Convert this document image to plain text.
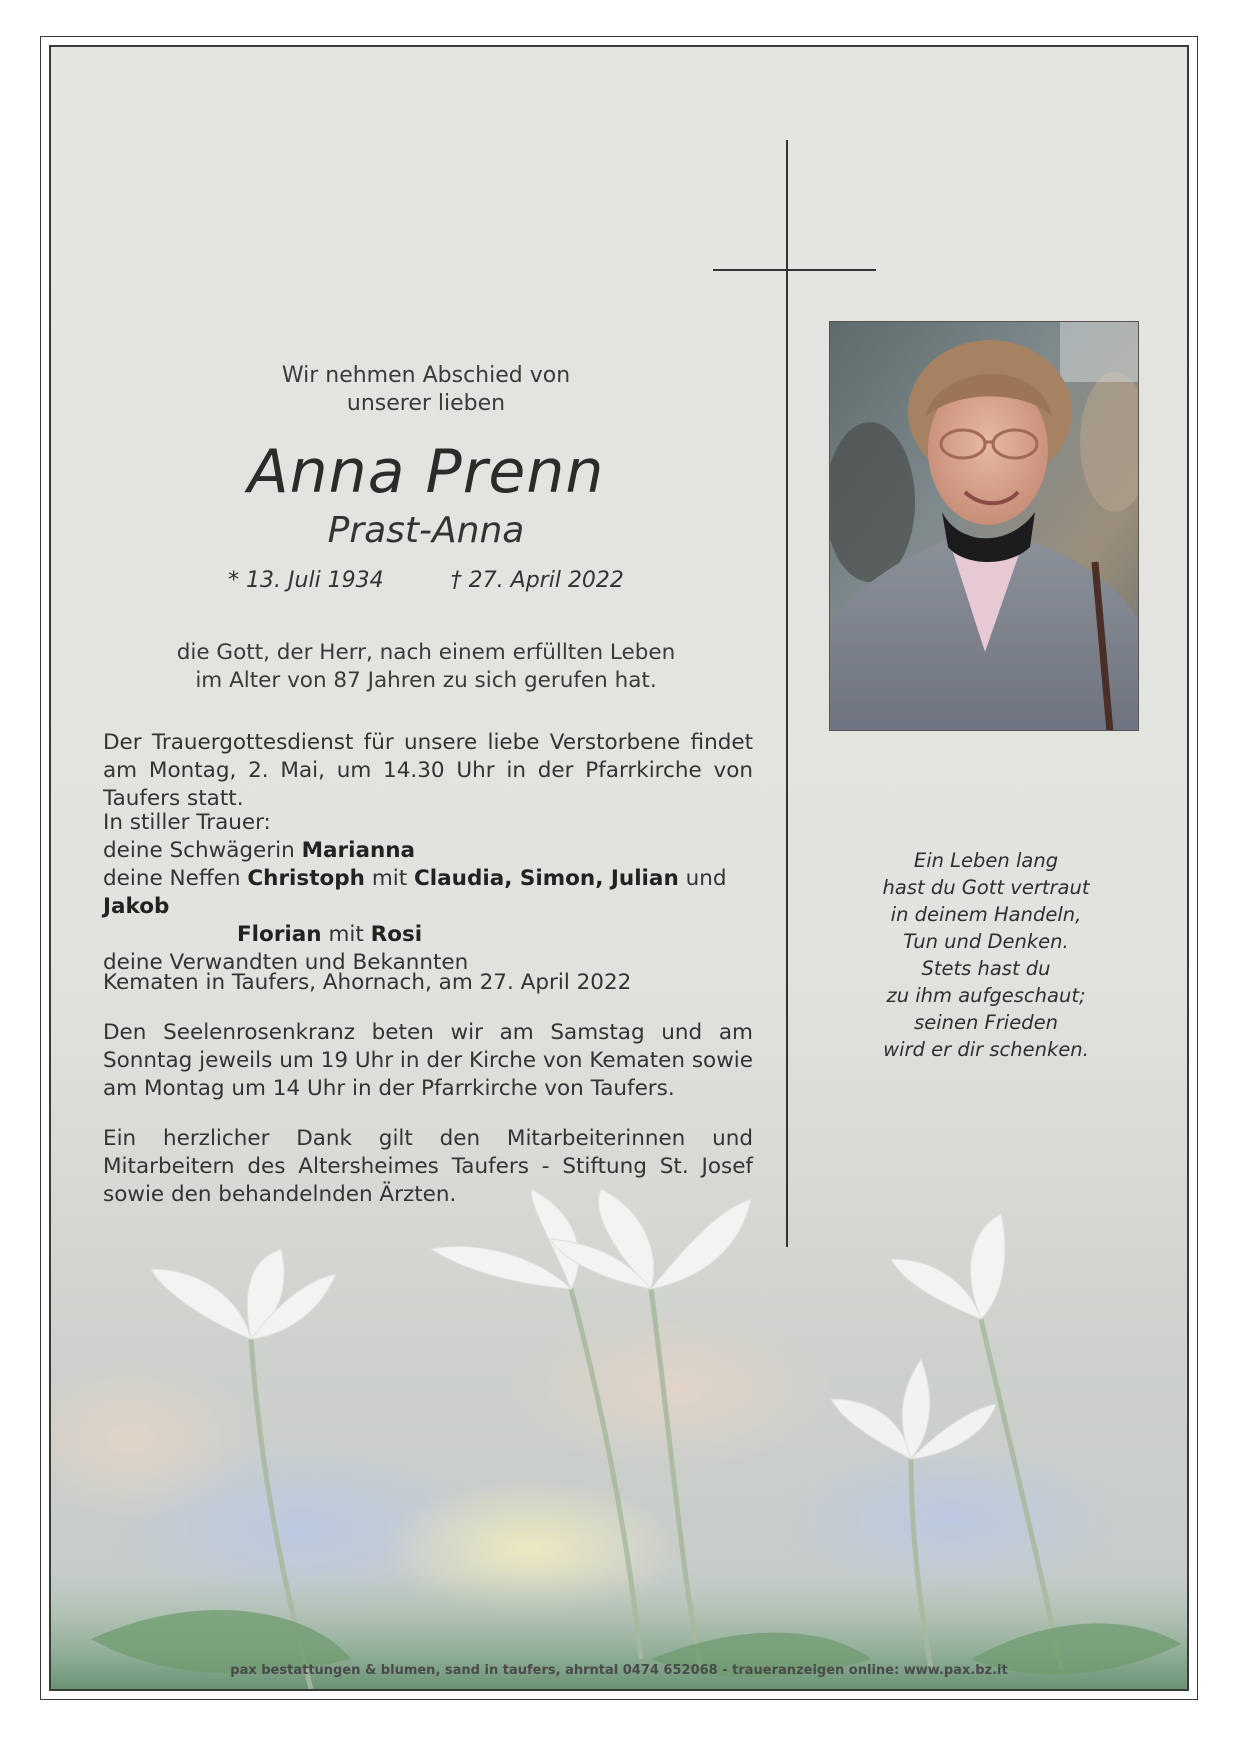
Wir nehmen Abschied von
unserer lieben
Anna Prenn
Prast-Anna
* 13. Juli 1934	† 27. April 2022
die Gott, der Herr, nach einem erfüllten Leben
im Alter von 87 Jahren zu sich gerufen hat.
Der Trauergottesdienst für unsere liebe Verstorbene findet am Montag, 2. Mai, um 14.30 Uhr in der Pfarrkirche von Taufers statt.
In stiller Trauer:
deine Schwägerin Marianna
deine Neffen Christoph mit Claudia, Simon, Julian und Jakob
Florian mit Rosi
deine Verwandten und Bekannten
Kematen in Taufers, Ahornach, am 27. April 2022
Den Seelenrosenkranz beten wir am Samstag und am Sonntag jeweils um 19 Uhr in der Kirche von Kematen sowie am Montag um 14 Uhr in der Pfarrkirche von Taufers.
Ein herzlicher Dank gilt den Mitarbeiterinnen und Mitarbeitern des Altersheimes Taufers - Stiftung St. Josef sowie den behandelnden Ärzten.
Ein Leben lang
hast du Gott vertraut
in deinem Handeln,
Tun und Denken.
Stets hast du
zu ihm aufgeschaut;
seinen Frieden
wird er dir schenken.
pax bestattungen & blumen, sand in taufers, ahrntal 0474 652068 - traueranzeigen online: www.pax.bz.it
